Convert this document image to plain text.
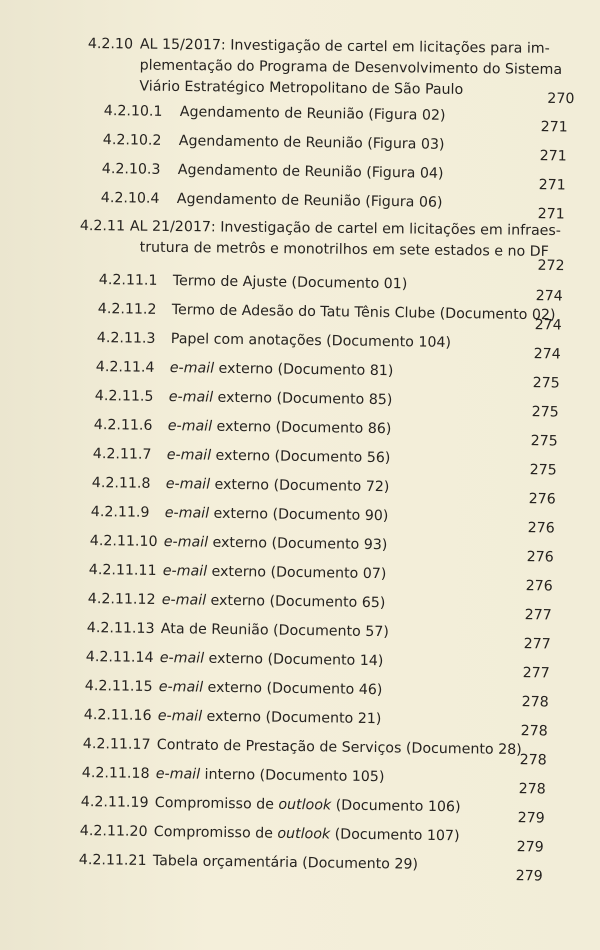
4.2.10 AL 15/2017: Investigação de cartel em licitações para im-
plementação do Programa de Desenvolvimento do Sistema
Viário Estratégico Metropolitano de São Paulo
270
4.2.10.1 Agendamento de Reunião (Figura 02)
271
4.2.10.2 Agendamento de Reunião (Figura 03)
271
4.2.10.3 Agendamento de Reunião (Figura 04)
271
4.2.10.4 Agendamento de Reunião (Figura 06)
271
4.2.11 AL 21/2017: Investigação de cartel em licitações em infraes-
trutura de metrôs e monotrilhos em sete estados e no DF
272
4.2.11.1 Termo de Ajuste (Documento 01)
274
4.2.11.2 Termo de Adesão do Tatu Tênis Clube (Documento 02)
274
4.2.11.3 Papel com anotações (Documento 104)
274
4.2.11.4 e-mail externo (Documento 81)
275
4.2.11.5 e-mail externo (Documento 85)
275
4.2.11.6 e-mail externo (Documento 86)
275
4.2.11.7 e-mail externo (Documento 56)
275
4.2.11.8 e-mail externo (Documento 72)
276
4.2.11.9 e-mail externo (Documento 90)
276
4.2.11.10 e-mail externo (Documento 93)
276
4.2.11.11 e-mail externo (Documento 07)
276
4.2.11.12 e-mail externo (Documento 65)
277
4.2.11.13 Ata de Reunião (Documento 57)
277
4.2.11.14 e-mail externo (Documento 14)
277
4.2.11.15 e-mail externo (Documento 46)
278
4.2.11.16 e-mail externo (Documento 21)
278
4.2.11.17 Contrato de Prestação de Serviços (Documento 28)
278
4.2.11.18 e-mail interno (Documento 105)
278
4.2.11.19 Compromisso de outlook (Documento 106)
279
4.2.11.20 Compromisso de outlook (Documento 107)
279
4.2.11.21 Tabela orçamentária (Documento 29)
279
